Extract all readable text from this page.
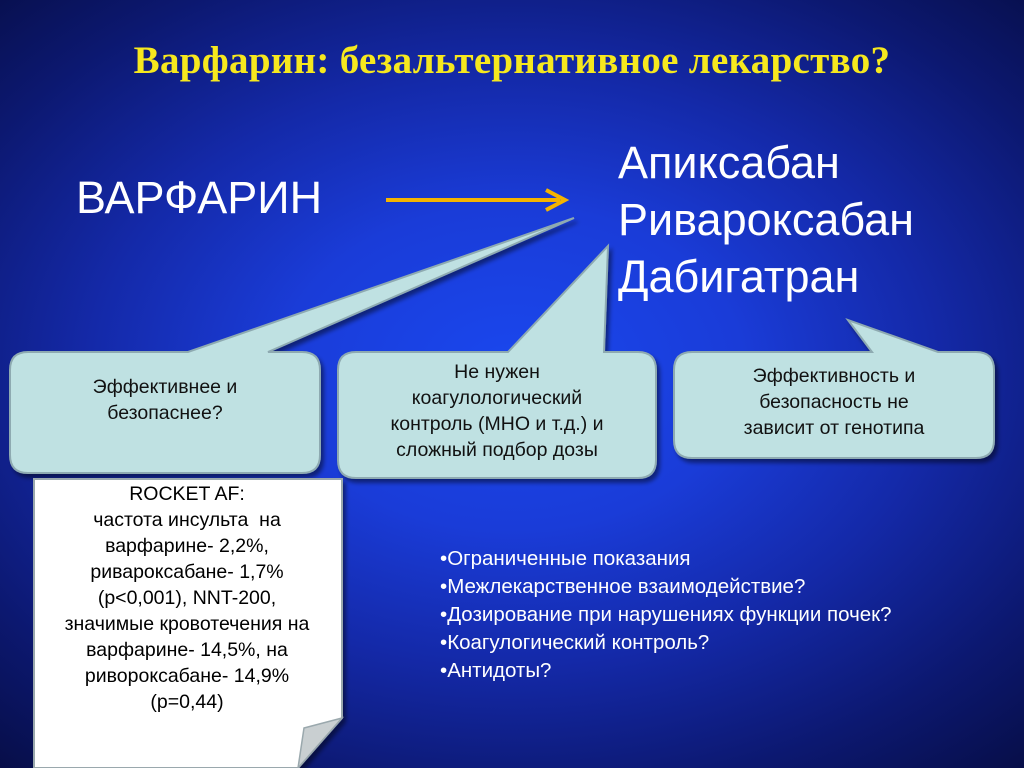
Варфарин: безальтернативное лекарство?
ВАРФАРИН
Апиксабан
Ривароксабан
Дабигатран
Эффективнее и
безопаснее?
Не нужен
коагулологический
контроль (МНО и т.д.) и
сложный подбор дозы
Эффективность и
безопасность не
зависит от генотипа
ROCKET AF:
частота инсульта  на
варфарине- 2,2%,
ривароксабане- 1,7%
(р<0,001), NNT-200,
значимые кровотечения на
варфарине- 14,5%, на
ривороксабане- 14,9%
(р=0,44)
• Ограниченные показания
• Межлекарственное взаимодействие?
• Дозирование при нарушениях функции почек?
• Коагулогический контроль?
• Антидоты?
